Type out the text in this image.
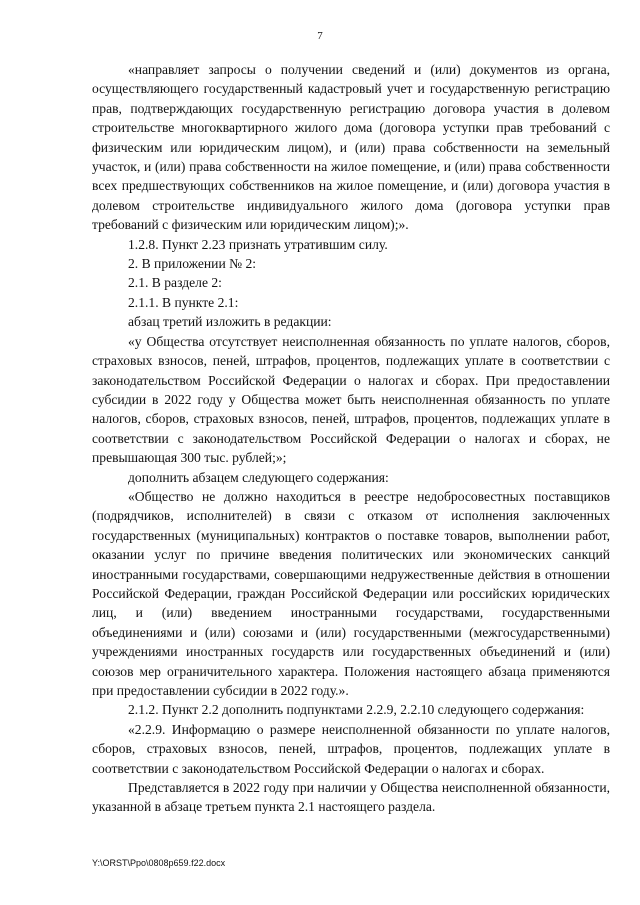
7

«направляет запросы о получении сведений и (или) документов из органа, осуществляющего государственный кадастровый учет и государственную регистрацию прав, подтверждающих государственную регистрацию договора участия в долевом строительстве многоквартирного жилого дома (договора уступки прав требований с физическим или юридическим лицом), и (или) права собственности на земельный участок, и (или) права собственности на жилое помещение, и (или) права собственности всех предшествующих собственников на жилое помещение, и (или) договора участия в долевом строительстве индивидуального жилого дома (договора уступки прав требований с физическим или юридическим лицом);».

1.2.8. Пункт 2.23 признать утратившим силу.

2. В приложении № 2:

2.1. В разделе 2:

2.1.1. В пункте 2.1:

абзац третий изложить в редакции:

«у Общества отсутствует неисполненная обязанность по уплате налогов, сборов, страховых взносов, пеней, штрафов, процентов, подлежащих уплате в соответствии с законодательством Российской Федерации о налогах и сборах. При предоставлении субсидии в 2022 году у Общества может быть неисполненная обязанность по уплате налогов, сборов, страховых взносов, пеней, штрафов, процентов, подлежащих уплате в соответствии с законодательством Российской Федерации о налогах и сборах, не превышающая 300 тыс. рублей;»;

дополнить абзацем следующего содержания:

«Общество не должно находиться в реестре недобросовестных поставщиков (подрядчиков, исполнителей) в связи с отказом от исполнения заключенных государственных (муниципальных) контрактов о поставке товаров, выполнении работ, оказании услуг по причине введения политических или экономических санкций иностранными государствами, совершающими недружественные действия в отношении Российской Федерации, граждан Российской Федерации или российских юридических лиц, и (или) введением иностранными государствами, государственными объединениями и (или) союзами и (или) государственными (межгосударственными) учреждениями иностранных государств или государственных объединений и (или) союзов мер ограничительного характера. Положения настоящего абзаца применяются при предоставлении субсидии в 2022 году.».

2.1.2. Пункт 2.2 дополнить подпунктами 2.2.9, 2.2.10 следующего содержания:

«2.2.9. Информацию о размере неисполненной обязанности по уплате налогов, сборов, страховых взносов, пеней, штрафов, процентов, подлежащих уплате в соответствии с законодательством Российской Федерации о налогах и сборах.

Представляется в 2022 году при наличии у Общества неисполненной обязанности, указанной в абзаце третьем пункта 2.1 настоящего раздела.

Y:\ORST\Ppo\0808p659.f22.docx
